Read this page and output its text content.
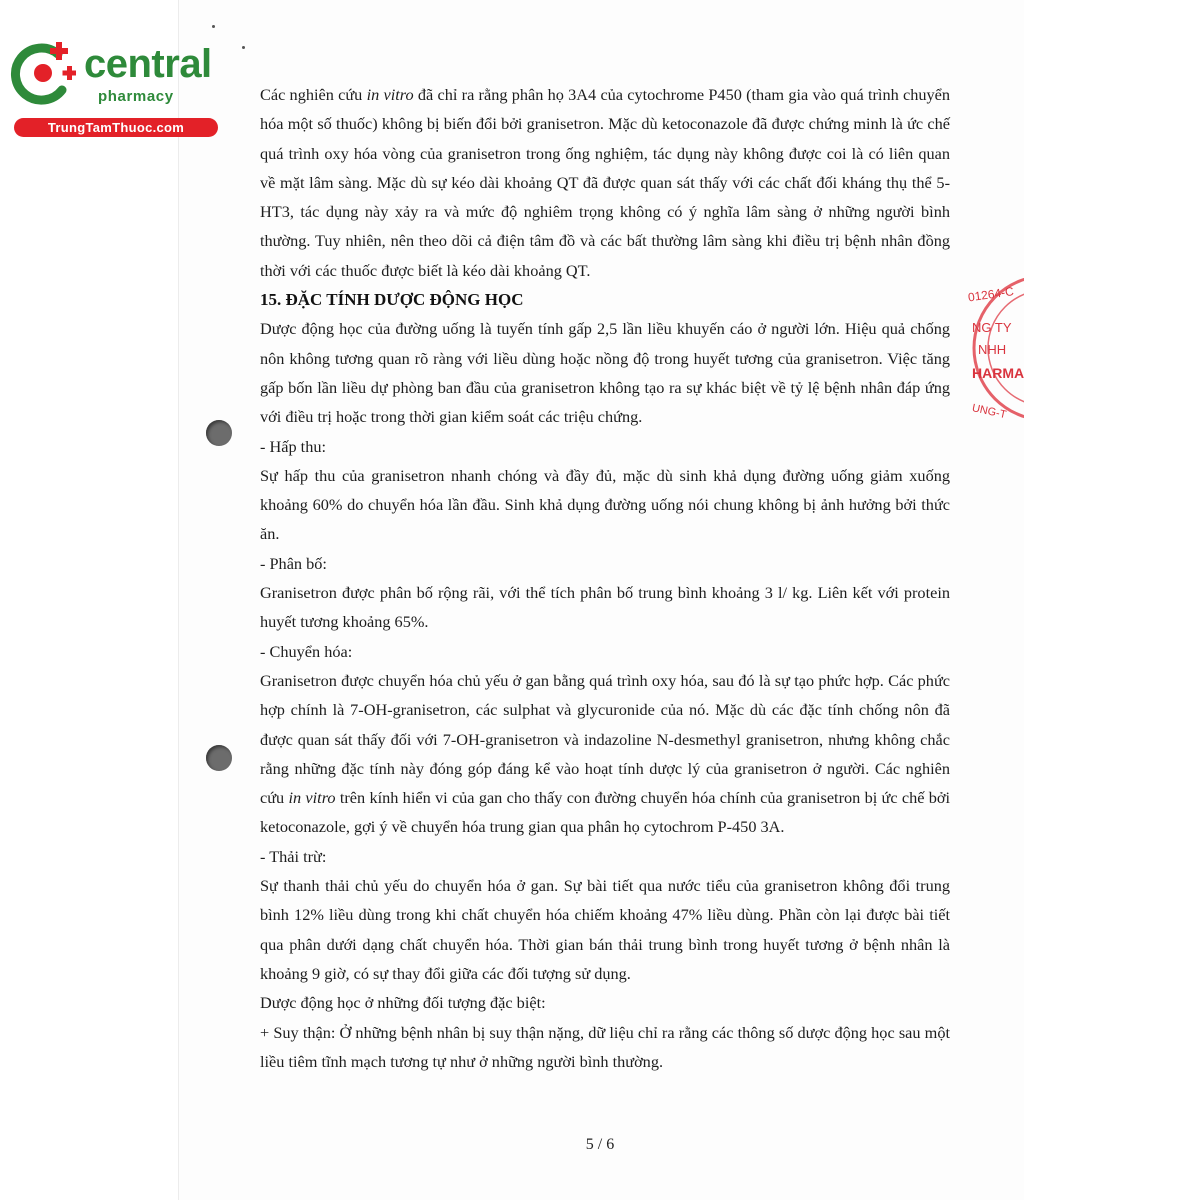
central
pharmacy
TrungTamThuoc.com
01264-C
NG TY
NHH
HARMA
UNG-T

Các nghiên cứu in vitro đã chỉ ra rằng phân họ 3A4 của cytochrome P450 (tham gia vào quá trình chuyển hóa một số thuốc) không bị biến đổi bởi granisetron. Mặc dù ketoconazole đã được chứng minh là ức chế quá trình oxy hóa vòng của granisetron trong ống nghiệm, tác dụng này không được coi là có liên quan về mặt lâm sàng. Mặc dù sự kéo dài khoảng QT đã được quan sát thấy với các chất đối kháng thụ thể 5-HT3, tác dụng này xảy ra và mức độ nghiêm trọng không có ý nghĩa lâm sàng ở những người bình thường. Tuy nhiên, nên theo dõi cả điện tâm đồ và các bất thường lâm sàng khi điều trị bệnh nhân đồng thời với các thuốc được biết là kéo dài khoảng QT.

15. ĐẶC TÍNH DƯỢC ĐỘNG HỌC

Dược động học của đường uống là tuyến tính gấp 2,5 lần liều khuyến cáo ở người lớn. Hiệu quả chống nôn không tương quan rõ ràng với liều dùng hoặc nồng độ trong huyết tương của granisetron. Việc tăng gấp bốn lần liều dự phòng ban đầu của granisetron không tạo ra sự khác biệt về tỷ lệ bệnh nhân đáp ứng với điều trị hoặc trong thời gian kiểm soát các triệu chứng.

- Hấp thu:

Sự hấp thu của granisetron nhanh chóng và đầy đủ, mặc dù sinh khả dụng đường uống giảm xuống khoảng 60% do chuyển hóa lần đầu. Sinh khả dụng đường uống nói chung không bị ảnh hưởng bởi thức ăn.

- Phân bố:

Granisetron được phân bố rộng rãi, với thể tích phân bố trung bình khoảng 3 l/ kg. Liên kết với protein huyết tương khoảng 65%.

- Chuyển hóa:

Granisetron được chuyển hóa chủ yếu ở gan bằng quá trình oxy hóa, sau đó là sự tạo phức hợp. Các phức hợp chính là 7-OH-granisetron, các sulphat và glycuronide của nó. Mặc dù các đặc tính chống nôn đã được quan sát thấy đối với 7-OH-granisetron và indazoline N-desmethyl granisetron, nhưng không chắc rằng những đặc tính này đóng góp đáng kể vào hoạt tính dược lý của granisetron ở người. Các nghiên cứu in vitro trên kính hiển vi của gan cho thấy con đường chuyển hóa chính của granisetron bị ức chế bởi ketoconazole, gợi ý về chuyển hóa trung gian qua phân họ cytochrom P-450 3A.

- Thải trừ:

Sự thanh thải chủ yếu do chuyển hóa ở gan. Sự bài tiết qua nước tiểu của granisetron không đổi trung bình 12% liều dùng trong khi chất chuyển hóa chiếm khoảng 47% liều dùng. Phần còn lại được bài tiết qua phân dưới dạng chất chuyển hóa. Thời gian bán thải trung bình trong huyết tương ở bệnh nhân là khoảng 9 giờ, có sự thay đổi giữa các đối tượng sử dụng.

Dược động học ở những đối tượng đặc biệt:

+ Suy thận: Ở những bệnh nhân bị suy thận nặng, dữ liệu chỉ ra rằng các thông số dược động học sau một liều tiêm tĩnh mạch tương tự như ở những người bình thường.

5 / 6
